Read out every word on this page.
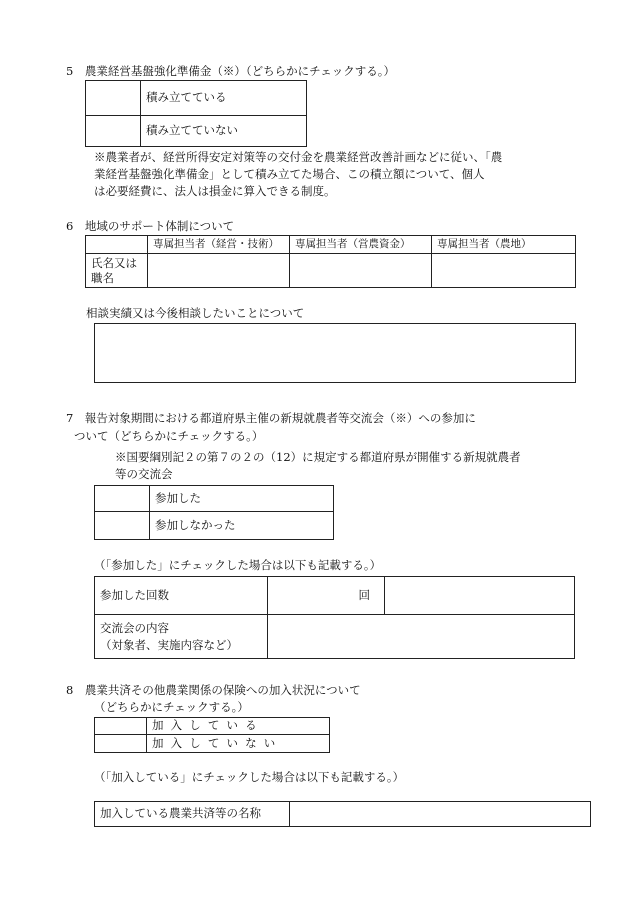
5　農業経営基盤強化準備金（※）（どちらかにチェックする。）
	積み立てている
	積み立てていない
※農業者が、経営所得安定対策等の交付金を農業経営改善計画などに従い、「農
業経営基盤強化準備金」として積み立てた場合、この積立額について、個人
は必要経費に、法人は損金に算入できる制度。
6　地域のサポート体制について
	専属担当者（経営・技術）	専属担当者（営農資金）	専属担当者（農地）
氏名又は
職名			
相談実績又は今後相談したいことについて
7　報告対象期間における都道府県主催の新規就農者等交流会（※）への参加に
ついて（どちらかにチェックする。）
※国要綱別記２の第７の２の（12）に規定する都道府県が開催する新規就農者
等の交流会
	参加した
	参加しなかった
（「参加した」にチェックした場合は以下も記載する。）
参加した回数	回	
交流会の内容
（対象者、実施内容など）		
8　農業共済その他農業関係の保険への加入状況について
（どちらかにチェックする。）
	加入している
	加入していない
（「加入している」にチェックした場合は以下も記載する。）
加入している農業共済等の名称	
